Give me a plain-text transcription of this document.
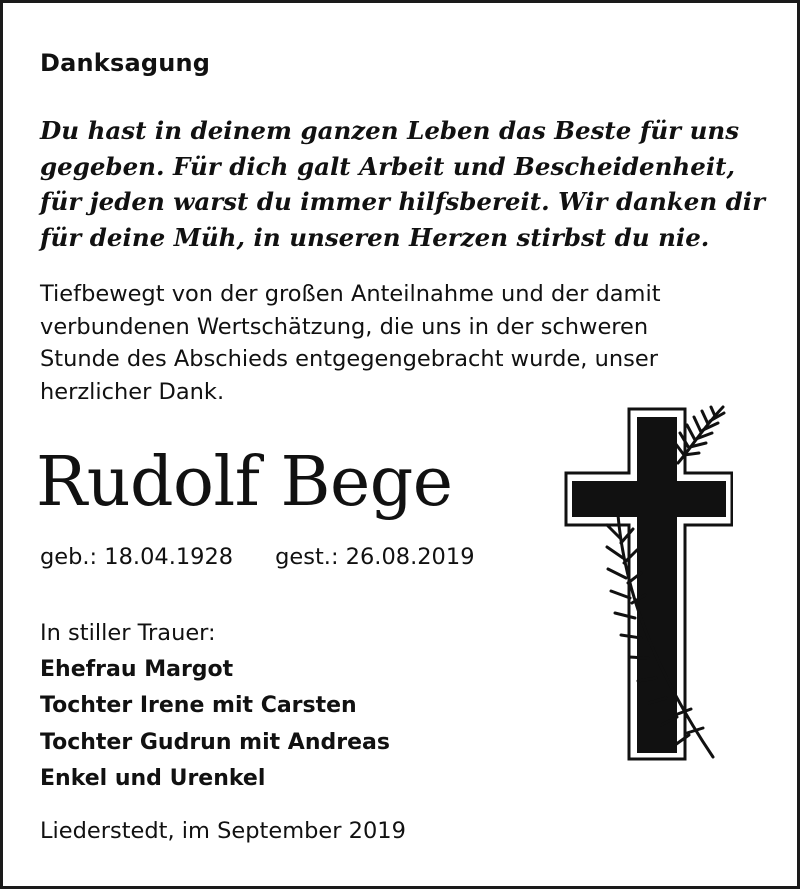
Danksagung
Du hast in deinem ganzen Leben das Beste für uns
gegeben. Für dich galt Arbeit und Bescheidenheit,
für jeden warst du immer hilfsbereit. Wir danken dir
für deine Müh, in unseren Herzen stirbst du nie.
Tiefbewegt von der großen Anteilnahme und der damit
verbundenen Wertschätzung, die uns in der schweren
Stunde des Abschieds entgegengebracht wurde, unser
herzlicher Dank.
Rudolf Bege
geb.: 18.04.1928 gest.: 26.08.2019
In stiller Trauer:
Ehefrau Margot
Tochter Irene mit Carsten
Tochter Gudrun mit Andreas
Enkel und Urenkel
Liederstedt, im September 2019
